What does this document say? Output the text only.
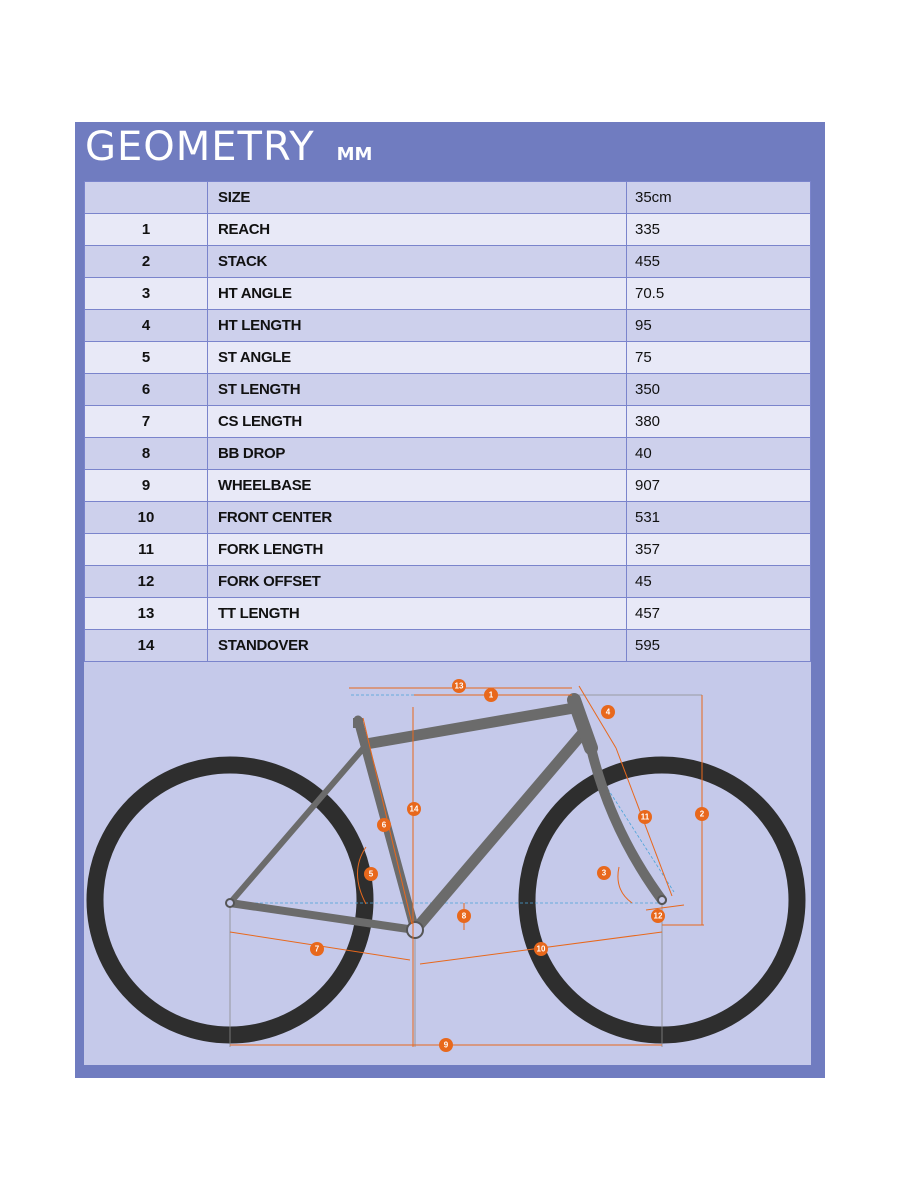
GEOMETRY MM
	SIZE	35cm
1	REACH	335
2	STACK	455
3	HT ANGLE	70.5
4	HT LENGTH	95
5	ST ANGLE	75
6	ST LENGTH	350
7	CS LENGTH	380
8	BB DROP	40
9	WHEELBASE	907
10	FRONT CENTER	531
11	FORK LENGTH	357
12	FORK OFFSET	45
13	TT LENGTH	457
14	STANDOVER	595
13
1
4
2
11
14
6
5	3
8	12
7	10
9
